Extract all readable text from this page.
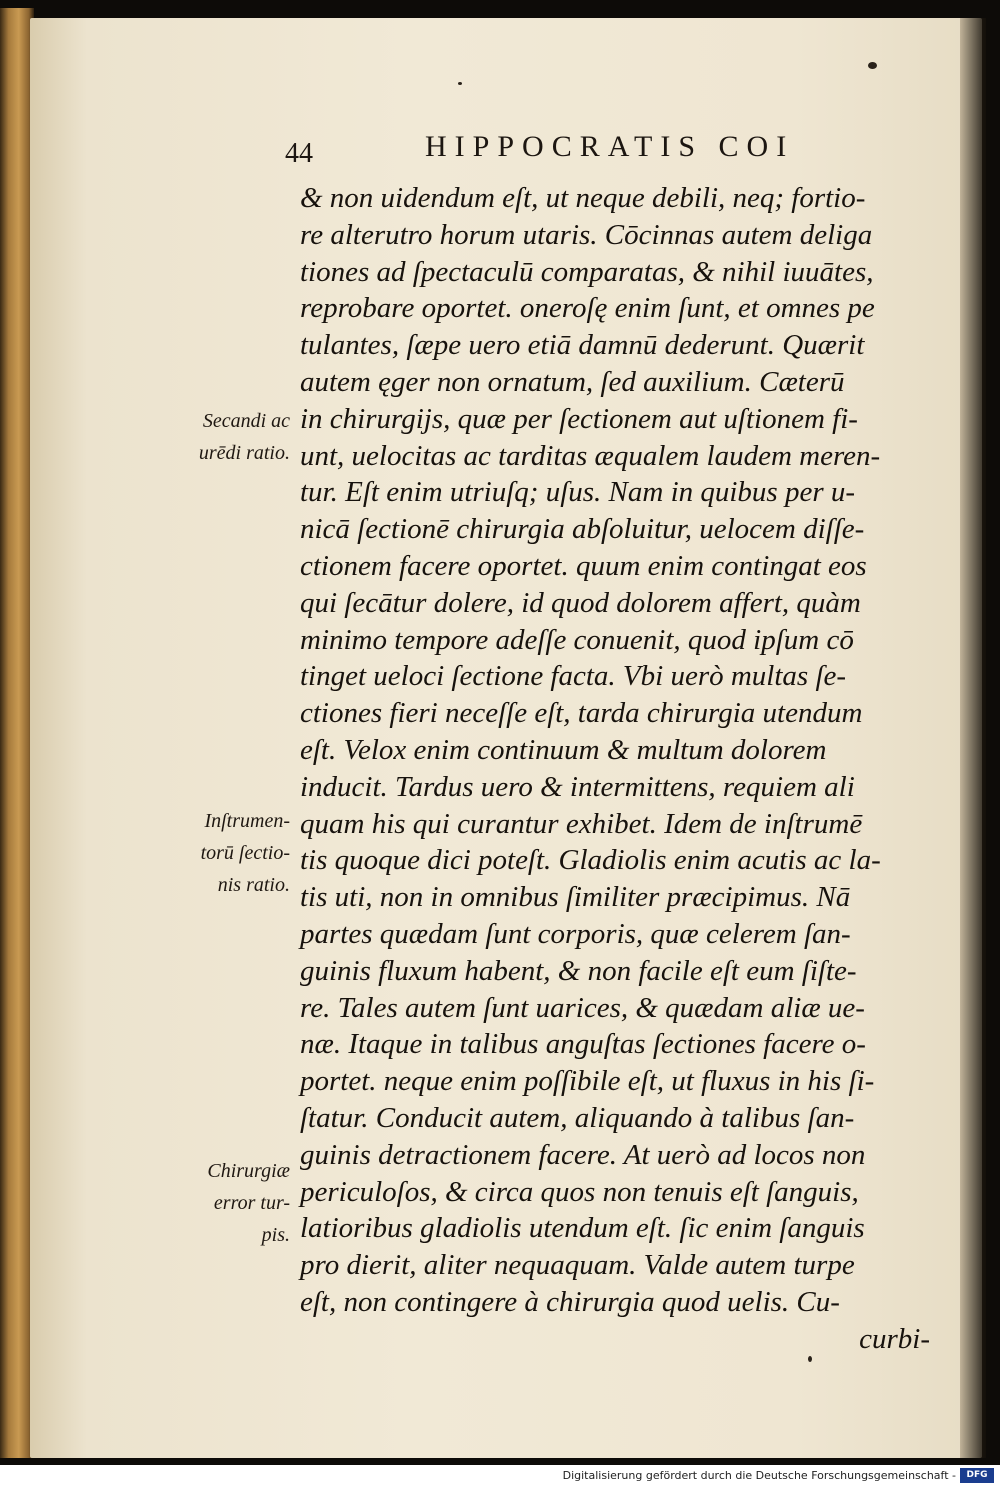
44	HIPPOCRATIS COI
& non uidendum eſt, ut neque debili, neq; fortio-
re alterutro horum utaris. Cōcinnas autem deliga
tiones ad ſpectaculū comparatas, & nihil iuuātes,
reprobare oportet. oneroſę enim ſunt, et omnes pe
tulantes, ſæpe uero etiā damnū dederunt. Quærit
autem ęger non ornatum, ſed auxilium. Cæterū
in chirurgijs, quæ per ſectionem aut uſtionem fi-
unt, uelocitas ac tarditas æqualem laudem meren-
tur. Eſt enim utriuſq; uſus. Nam in quibus per u-
nicā ſectionē chirurgia abſoluitur, uelocem diſſe-
ctionem facere oportet. quum enim contingat eos
qui ſecātur dolere, id quod dolorem affert, quàm
minimo tempore adeſſe conuenit, quod ipſum cō
tinget ueloci ſectione facta. Vbi uerò multas ſe-
ctiones fieri neceſſe eſt, tarda chirurgia utendum
eſt. Velox enim continuum & multum dolorem
inducit. Tardus uero & intermittens, requiem ali
quam his qui curantur exhibet. Idem de inſtrumē
tis quoque dici poteſt. Gladiolis enim acutis ac la-
tis uti, non in omnibus ſimiliter præcipimus. Nā
partes quædam ſunt corporis, quæ celerem ſan-
guinis fluxum habent, & non facile eſt eum ſiſte-
re. Tales autem ſunt uarices, & quædam aliæ ue-
næ. Itaque in talibus anguſtas ſectiones facere o-
portet. neque enim poſſibile eſt, ut fluxus in his ſi-
ſtatur. Conducit autem, aliquando à talibus ſan-
guinis detractionem facere. At uerò ad locos non
periculoſos, & circa quos non tenuis eſt ſanguis,
latioribus gladiolis utendum eſt. ſic enim ſanguis
pro dierit, aliter nequaquam. Valde autem turpe
eſt, non contingere à chirurgia quod uelis. Cu-
curbi-
Secandi ac
urēdi ratio.
Inſtrumen-
torū ſectio-
nis ratio.
Chirurgiæ
error tur-
pis.
Digitalisierung gefördert durch die Deutsche Forschungsgemeinschaft -	DFG
